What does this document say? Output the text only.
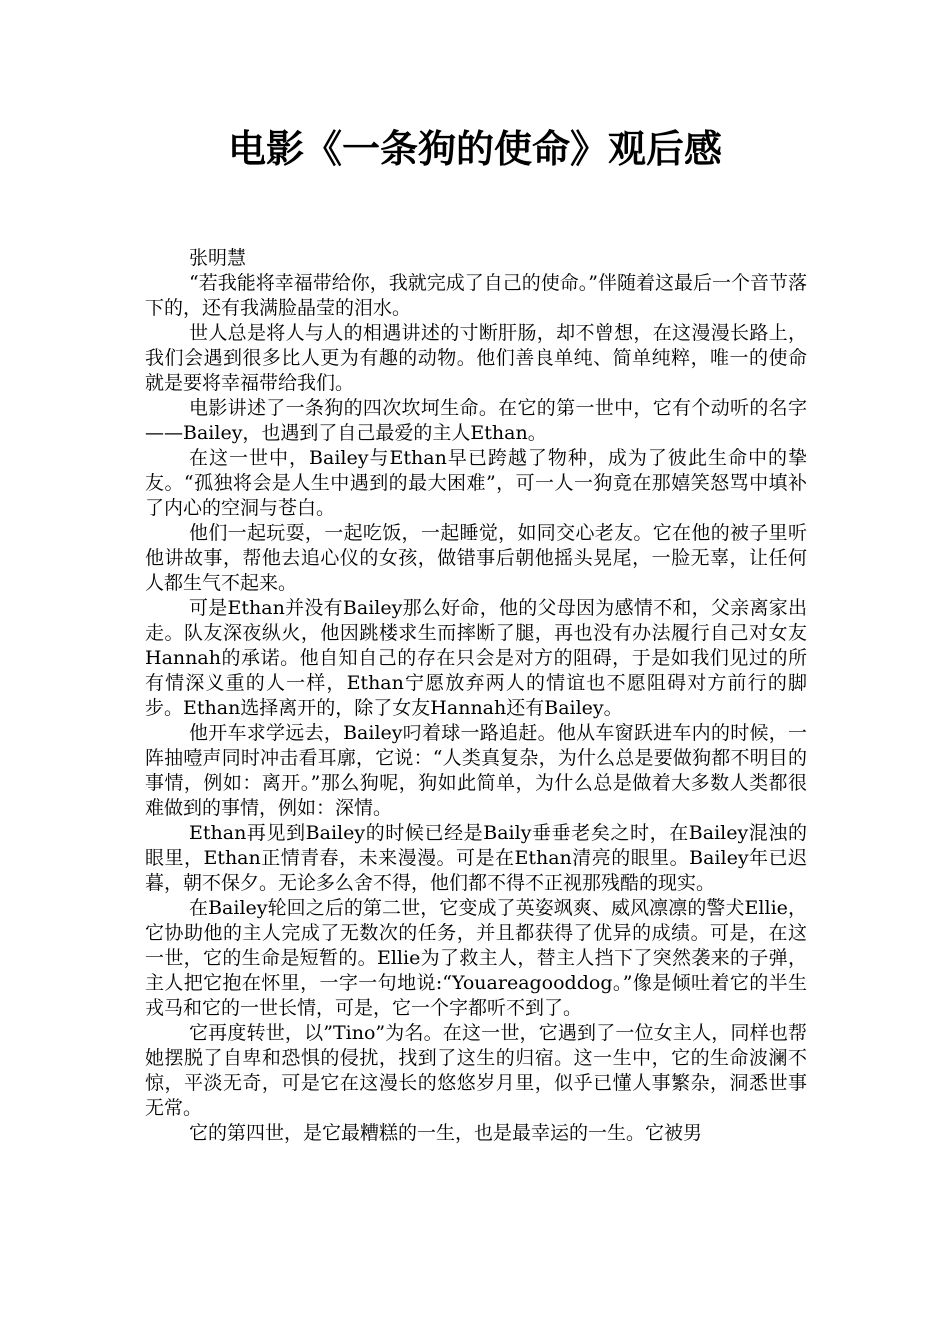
电影《一条狗的使命》观后感

张明慧

“若我能将幸福带给你，我就完成了自己的使命。”伴随着这最后一个音节落下的，还有我满脸晶莹的泪水。

世人总是将人与人的相遇讲述的寸断肝肠，却不曾想，在这漫漫长路上，我们会遇到很多比人更为有趣的动物。他们善良单纯、简单纯粹，唯一的使命就是要将幸福带给我们。

电影讲述了一条狗的四次坎坷生命。在它的第一世中，它有个动听的名字——Bailey，也遇到了自己最爱的主人Ethan。

在这一世中，Bailey与Ethan早已跨越了物种，成为了彼此生命中的挚友。“孤独将会是人生中遇到的最大困难”，可一人一狗竟在那嬉笑怒骂中填补了内心的空洞与苍白。

他们一起玩耍，一起吃饭，一起睡觉，如同交心老友。它在他的被子里听他讲故事，帮他去追心仪的女孩，做错事后朝他摇头晃尾，一脸无辜，让任何人都生气不起来。

可是Ethan并没有Bailey那么好命，他的父母因为感情不和，父亲离家出走。队友深夜纵火，他因跳楼求生而摔断了腿，再也没有办法履行自己对女友Hannah的承诺。他自知自己的存在只会是对方的阻碍，于是如我们见过的所有情深义重的人一样，Ethan宁愿放弃两人的情谊也不愿阻碍对方前行的脚步。Ethan选择离开的，除了女友Hannah还有Bailey。

他开车求学远去，Bailey叼着球一路追赶。他从车窗跃进车内的时候，一阵抽噎声同时冲击看耳廓，它说：“人类真复杂，为什么总是要做狗都不明目的事情，例如：离开。”那么狗呢，狗如此简单，为什么总是做着大多数人类都很难做到的事情，例如：深情。

Ethan再见到Bailey的时候已经是Baily垂垂老矣之时，在Bailey混浊的眼里，Ethan正情青春，未来漫漫。可是在Ethan清亮的眼里。Bailey年已迟暮，朝不保夕。无论多么舍不得，他们都不得不正视那残酷的现实。

在Bailey轮回之后的第二世，它变成了英姿飒爽、威风凛凛的警犬Ellie，它协助他的主人完成了无数次的任务，并且都获得了优异的成绩。可是，在这一世，它的生命是短暂的。Ellie为了救主人，替主人挡下了突然袭来的子弹，主人把它抱在怀里，一字一句地说:“Youareagooddog。”像是倾吐着它的半生戎马和它的一世长情，可是，它一个字都听不到了。

它再度转世，以”Tino”为名。在这一世，它遇到了一位女主人，同样也帮她摆脱了自卑和恐惧的侵扰，找到了这生的归宿。这一生中，它的生命波澜不惊，平淡无奇，可是它在这漫长的悠悠岁月里，似乎已懂人事繁杂，洞悉世事无常。

它的第四世，是它最糟糕的一生，也是最幸运的一生。它被男
